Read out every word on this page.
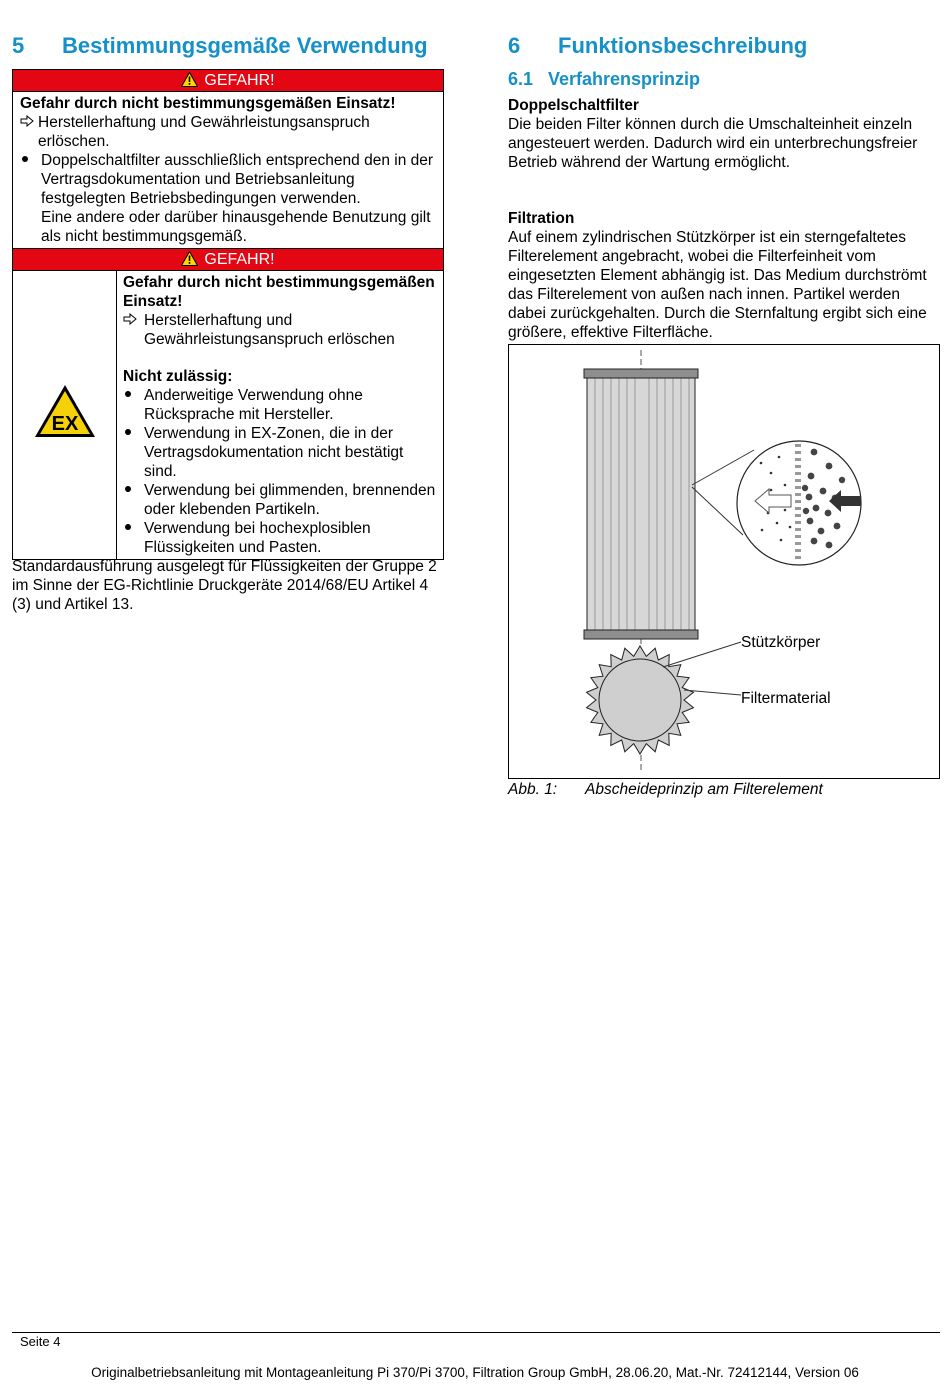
5 Bestimmungsgemäße Verwendung
GEFAHR!
Gefahr durch nicht bestimmungsgemäßen Einsatz!
Herstellerhaftung und Gewährleistungsanspruch erlöschen.
Doppelschaltfilter ausschließlich entsprechend den in der Vertragsdokumentation und Betriebsanleitung festgelegten Betriebsbedingungen verwenden.
Eine andere oder darüber hinausgehende Benutzung gilt als nicht bestimmungsgemäß.
GEFAHR!
EX
Gefahr durch nicht bestimmungsgemäßen Einsatz!
Herstellerhaftung und Gewährleistungsanspruch erlöschen
Nicht zulässig:
Anderweitige Verwendung ohne Rücksprache mit Hersteller.
Verwendung in EX-Zonen, die in der Vertragsdokumentation nicht bestätigt sind.
Verwendung bei glimmenden, brennenden oder klebenden Partikeln.
Verwendung bei hochexplosiblen Flüssigkeiten und Pasten.

Standardausführung ausgelegt für Flüssigkeiten der Gruppe 2 im Sinne der EG-Richtlinie Druckgeräte 2014/68/EU Artikel 4 (3) und Artikel 13.

6 Funktionsbeschreibung
6.1 Verfahrensprinzip
Doppelschaltfilter

Die beiden Filter können durch die Umschalteinheit einzeln angesteuert werden. Dadurch wird ein unterbrechungsfreier Betrieb während der Wartung ermöglicht.

Filtration

Auf einem zylindrischen Stützkörper ist ein sterngefaltetes Filterelement angebracht, wobei die Filterfeinheit vom eingesetzten Element abhängig ist. Das Medium durchströmt das Filterelement von außen nach innen. Partikel werden dabei zurückgehalten. Durch die Sternfaltung ergibt sich eine größere, effektive Filterfläche.

Stützkörper
Filtermaterial
Abb. 1: Abscheideprinzip am Filterelement
Seite 4
Originalbetriebsanleitung mit Montageanleitung Pi 370/Pi 3700, Filtration Group GmbH, 28.06.20, Mat.-Nr. 72412144, Version 06
